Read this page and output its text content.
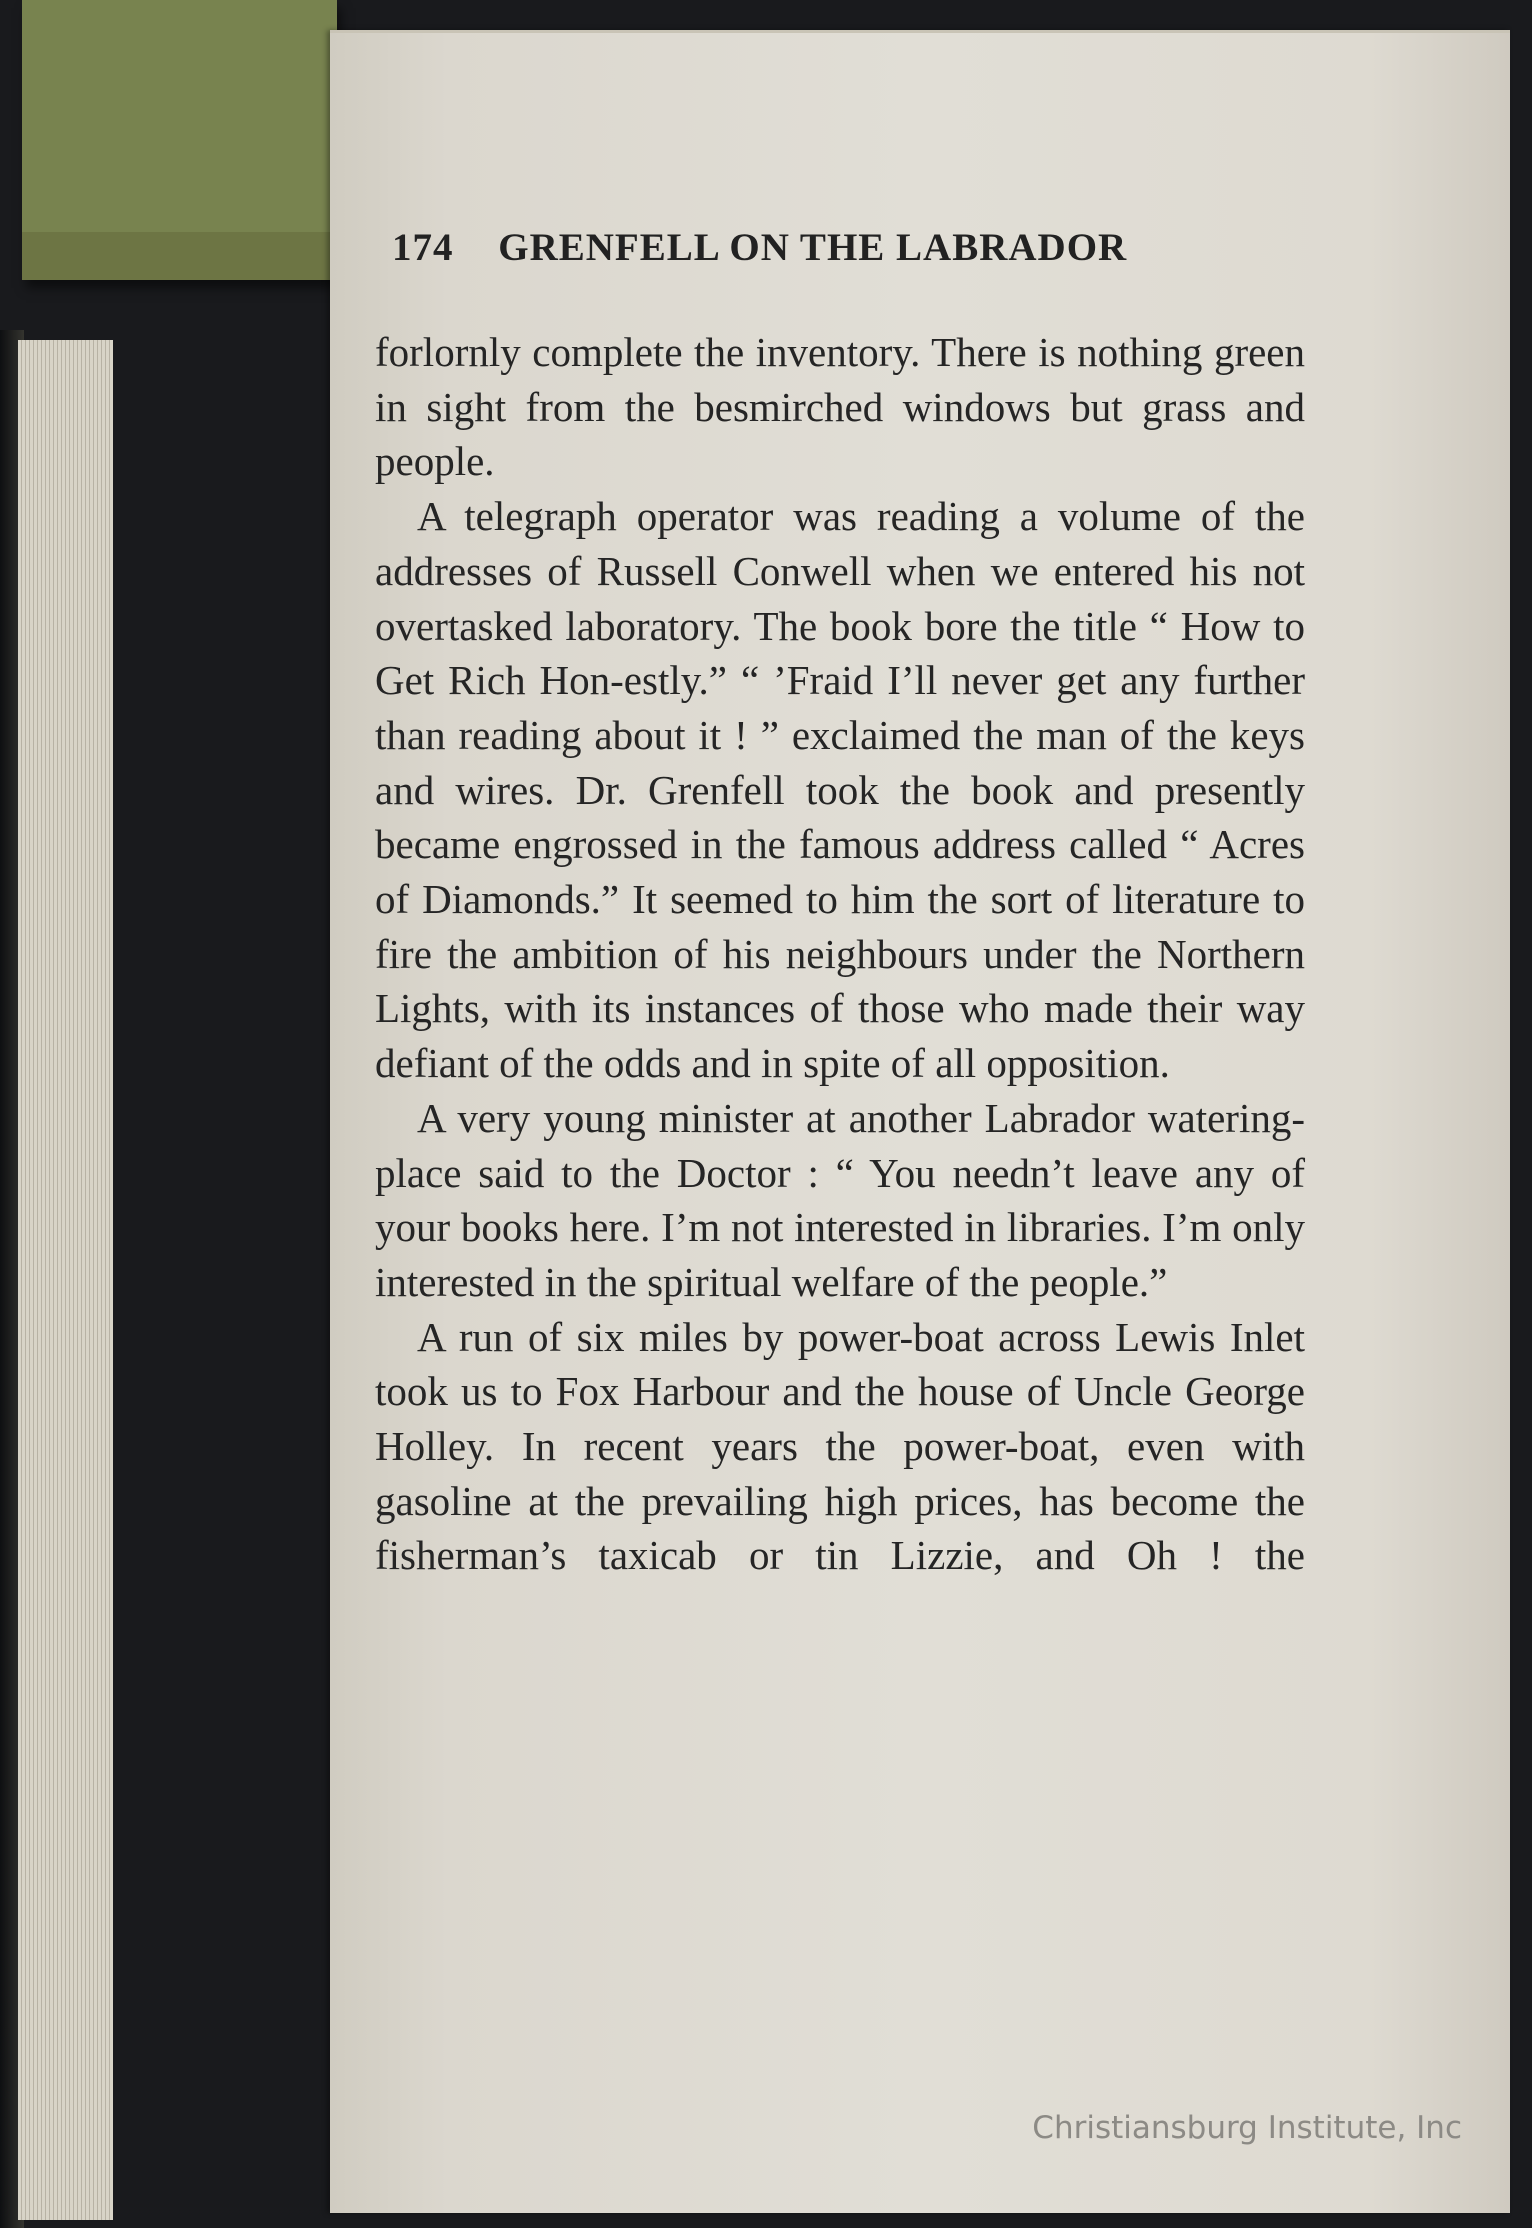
174 GRENFELL ON THE LABRADOR

forlornly complete the inventory. There is nothing green in sight from the besmirched windows but grass and people.

A telegraph operator was reading a volume of the addresses of Russell Conwell when we entered his not overtasked laboratory. The book bore the title “ How to Get Rich Hon-estly.” “ ’Fraid I’ll never get any further than reading about it ! ” exclaimed the man of the keys and wires. Dr. Grenfell took the book and presently became engrossed in the famous address called “ Acres of Diamonds.” It seemed to him the sort of literature to fire the ambition of his neighbours under the Northern Lights, with its instances of those who made their way defiant of the odds and in spite of all opposition.

A very young minister at another Labrador watering-place said to the Doctor : “ You needn’t leave any of your books here. I’m not interested in libraries. I’m only interested in the spiritual welfare of the people.”

A run of six miles by power-boat across Lewis Inlet took us to Fox Harbour and the house of Uncle George Holley. In recent years the power-boat, even with gasoline at the prevailing high prices, has become the fisherman’s taxicab or tin Lizzie, and Oh ! the

Christiansburg Institute, Inc
